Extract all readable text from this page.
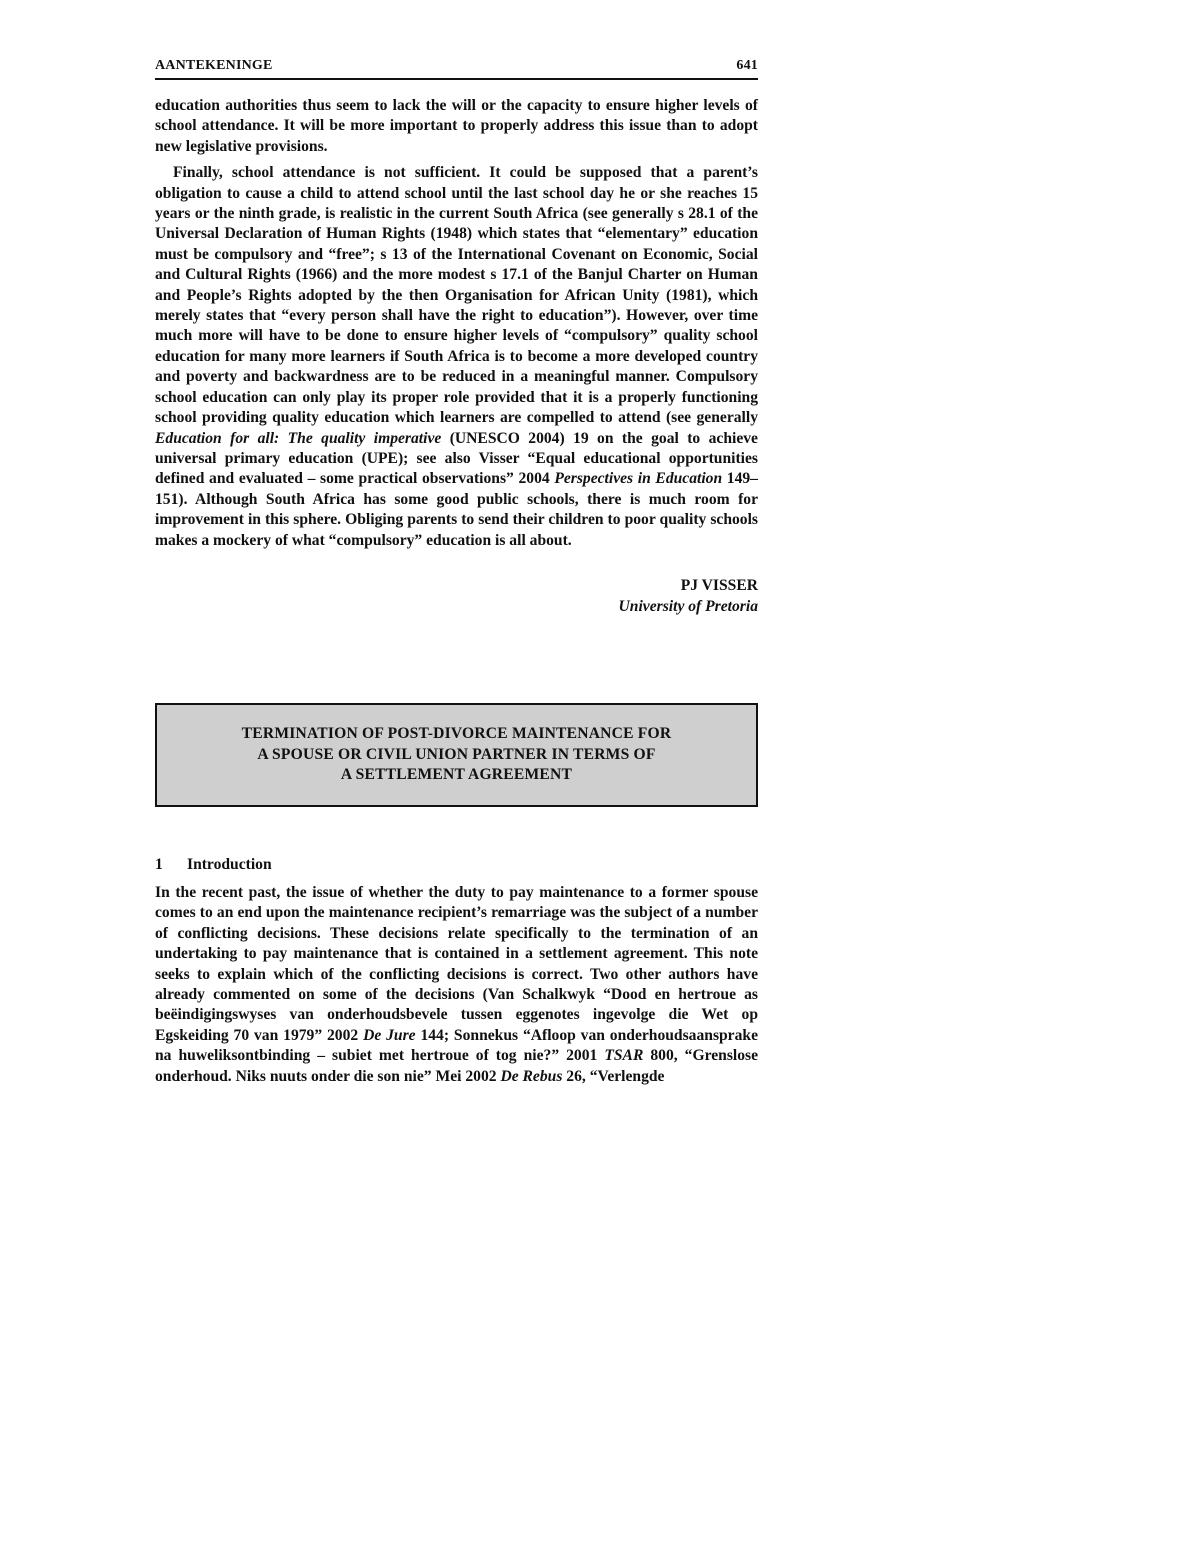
AANTEKENINGE	641

education authorities thus seem to lack the will or the capacity to ensure higher levels of school attendance. It will be more important to properly address this issue than to adopt new legislative provisions.

Finally, school attendance is not sufficient. It could be supposed that a parent’s obligation to cause a child to attend school until the last school day he or she reaches 15 years or the ninth grade, is realistic in the current South Africa (see generally s 28.1 of the Universal Declaration of Human Rights (1948) which states that “elementary” education must be compulsory and “free”; s 13 of the International Covenant on Economic, Social and Cultural Rights (1966) and the more modest s 17.1 of the Banjul Charter on Human and People’s Rights adopted by the then Organisation for African Unity (1981), which merely states that “every person shall have the right to education”). However, over time much more will have to be done to ensure higher levels of “compulsory” quality school education for many more learners if South Africa is to become a more developed country and poverty and backwardness are to be reduced in a meaningful manner. Compulsory school education can only play its proper role provided that it is a properly functioning school providing quality education which learners are compelled to attend (see generally Education for all: The quality imperative (UNESCO 2004) 19 on the goal to achieve universal primary education (UPE); see also Visser “Equal educational opportunities defined and evaluated – some practical observations” 2004 Perspectives in Education 149–151). Although South Africa has some good public schools, there is much room for improvement in this sphere. Obliging parents to send their children to poor quality schools makes a mockery of what “compulsory” education is all about.

PJ VISSER
University of Pretoria
TERMINATION OF POST-DIVORCE MAINTENANCE FOR
A SPOUSE OR CIVIL UNION PARTNER IN TERMS OF
A SETTLEMENT AGREEMENT
1	Introduction

In the recent past, the issue of whether the duty to pay maintenance to a former spouse comes to an end upon the maintenance recipient’s remarriage was the subject of a number of conflicting decisions. These decisions relate specifically to the termination of an undertaking to pay maintenance that is contained in a settlement agreement. This note seeks to explain which of the conflicting decisions is correct. Two other authors have already commented on some of the decisions (Van Schalkwyk “Dood en hertroue as beëindigingswyses van onderhoudsbevele tussen eggenotes ingevolge die Wet op Egskeiding 70 van 1979” 2002 De Jure 144; Sonnekus “Afloop van onderhoudsaansprake na huweliksontbinding – subiet met hertroue of tog nie?” 2001 TSAR 800, “Grenslose onderhoud. Niks nuuts onder die son nie” Mei 2002 De Rebus 26, “Verlengde
